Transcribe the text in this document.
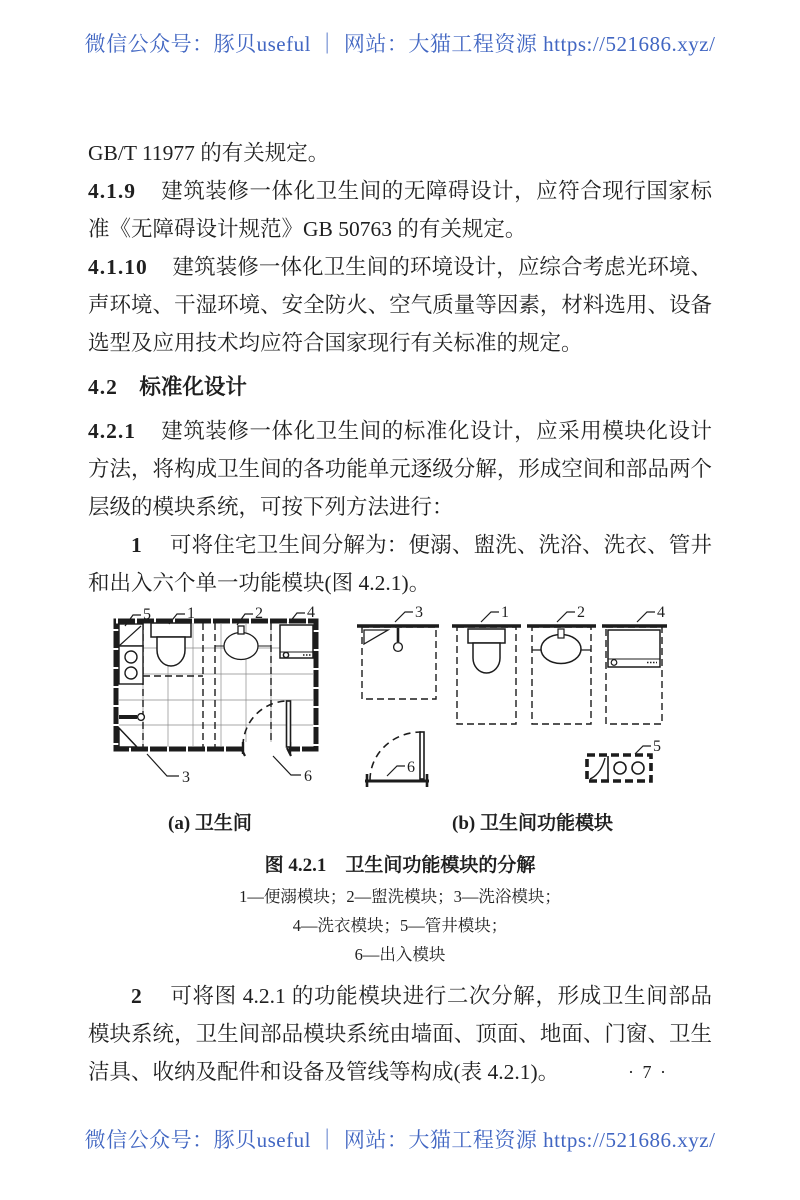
微信公众号：豚贝useful ｜ 网站：大猫工程资源 https://521686.xyz/

GB/T 11977 的有关规定。

4.1.9 建筑装修一体化卫生间的无障碍设计，应符合现行国家标准《无障碍设计规范》GB 50763 的有关规定。

4.1.10 建筑装修一体化卫生间的环境设计，应综合考虑光环境、声环境、干湿环境、安全防火、空气质量等因素，材料选用、设备选型及应用技术均应符合国家现行有关标准的规定。

4.2 标准化设计

4.2.1 建筑装修一体化卫生间的标准化设计，应采用模块化设计方法，将构成卫生间的各功能单元逐级分解，形成空间和部品两个层级的模块系统，可按下列方法进行：

1 可将住宅卫生间分解为：便溺、盥洗、洗浴、洗衣、管井和出入六个单一功能模块(图 4.2.1)。

5 1	2	4
3	6
3	1	2	4
6
5
(a) 卫生间	(b) 卫生间功能模块
图 4.2.1　卫生间功能模块的分解
1—便溺模块；2—盥洗模块；3—洗浴模块；
4—洗衣模块；5—管井模块；
6—出入模块

2 可将图 4.2.1 的功能模块进行二次分解，形成卫生间部品模块系统，卫生间部品模块系统由墙面、顶面、地面、门窗、卫生洁具、收纳及配件和设备及管线等构成(表 4.2.1)。	· 7 ·
微信公众号：豚贝useful ｜ 网站：大猫工程资源 https://521686.xyz/
